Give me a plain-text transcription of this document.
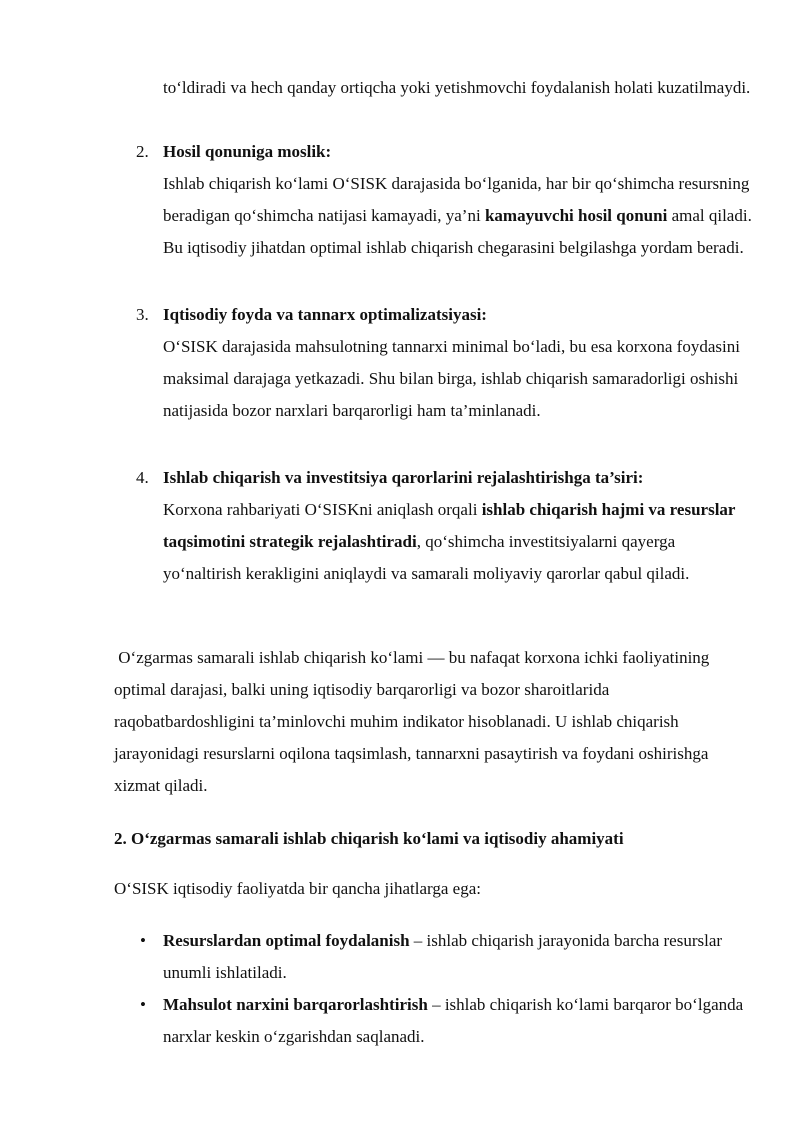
to‘ldiradi va hech qanday ortiqcha yoki yetishmovchi foydalanish holati kuzatilmaydi.
2. Hosil qonuniga moslik:
Ishlab chiqarish ko‘lami O‘SISK darajasida bo‘lganida, har bir qo‘shimcha resursning beradigan qo‘shimcha natijasi kamayadi, ya’ni kamayuvchi hosil qonuni amal qiladi. Bu iqtisodiy jihatdan optimal ishlab chiqarish chegarasini belgilashga yordam beradi.
3. Iqtisodiy foyda va tannarx optimalizatsiyasi:
O‘SISK darajasida mahsulotning tannarxi minimal bo‘ladi, bu esa korxona foydasini maksimal darajaga yetkazadi. Shu bilan birga, ishlab chiqarish samaradorligi oshishi natijasida bozor narxlari barqarorligi ham ta’minlanadi.
4. Ishlab chiqarish va investitsiya qarorlarini rejalashtirishga ta’siri:
Korxona rahbariyati O‘SISKni aniqlash orqali ishlab chiqarish hajmi va resurslar taqsimotini strategik rejalashtiradi, qo‘shimcha investitsiyalarni qayerga yo‘naltirish kerakligini aniqlaydi va samarali moliyaviy qarorlar qabul qiladi.
O‘zgarmas samarali ishlab chiqarish ko‘lami — bu nafaqat korxona ichki faoliyatining optimal darajasi, balki uning iqtisodiy barqarorligi va bozor sharoitlarida raqobatbardoshligini ta’minlovchi muhim indikator hisoblanadi. U ishlab chiqarish jarayonidagi resurslarni oqilona taqsimlash, tannarxni pasaytirish va foydani oshirishga xizmat qiladi.
2. O‘zgarmas samarali ishlab chiqarish ko‘lami va iqtisodiy ahamiyati
O‘SISK iqtisodiy faoliyatda bir qancha jihatlarga ega:
• Resurslardan optimal foydalanish – ishlab chiqarish jarayonida barcha resurslar unumli ishlatiladi.
• Mahsulot narxini barqarorlashtirish – ishlab chiqarish ko‘lami barqaror bo‘lganda narxlar keskin o‘zgarishdan saqlanadi.
